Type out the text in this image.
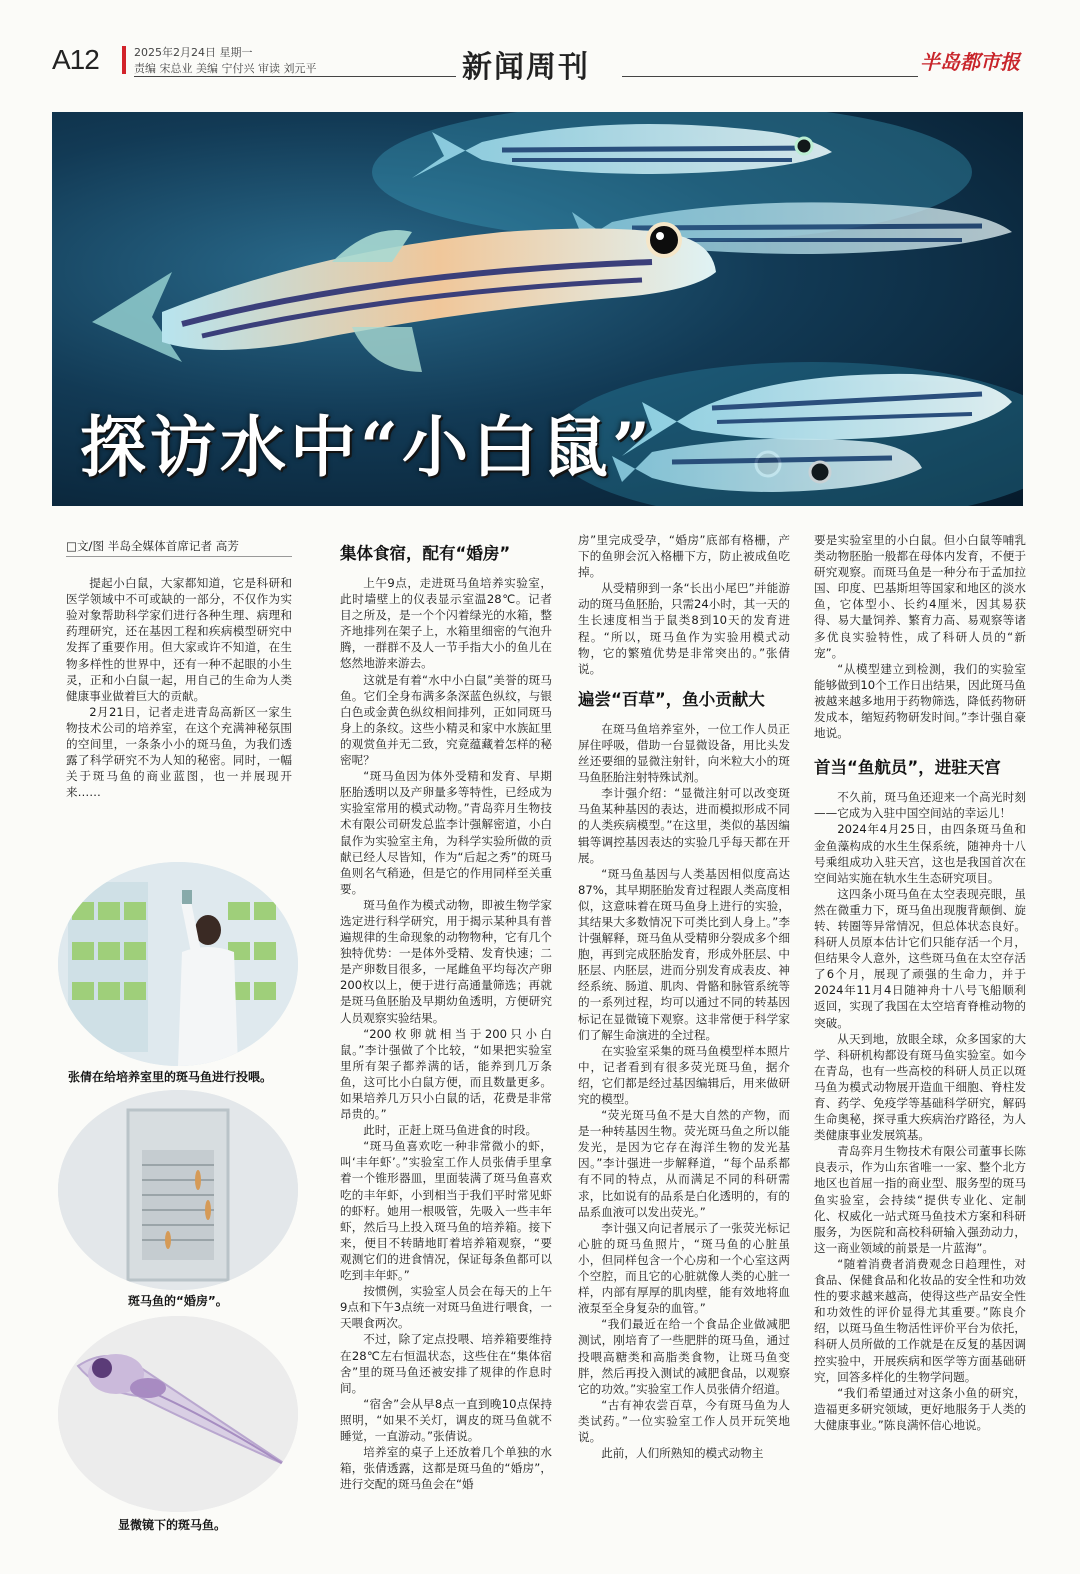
A12	2025年2月24日 星期一
责编 宋总业 美编 宁付兴 审读 刘元平	新闻周刊	半岛都市报
探访水中“小白鼠”

□文/图 半岛全媒体首席记者 高芳

提起小白鼠，大家都知道，它是科研和医学领域中不可或缺的一部分，不仅作为实验对象帮助科学家们进行各种生理、病理和药理研究，还在基因工程和疾病模型研究中发挥了重要作用。但大家或许不知道，在生物多样性的世界中，还有一种不起眼的小生灵，正和小白鼠一起，用自己的生命为人类健康事业做着巨大的贡献。

2月21日，记者走进青岛高新区一家生物技术公司的培养室，在这个充满神秘氛围的空间里，一条条小小的斑马鱼，为我们透露了科学研究不为人知的秘密。同时，一幅关于斑马鱼的商业蓝图，也一并展现开来……

张倩在给培养室里的斑马鱼进行投喂。
斑马鱼的“婚房”。
显微镜下的斑马鱼。
集体食宿，配有“婚房”

上午9点，走进斑马鱼培养实验室，此时墙壁上的仪表显示室温28℃。记者目之所及，是一个个闪着绿光的水箱，整齐地排列在架子上，水箱里细密的气泡升腾，一群群不及人一节手指大小的鱼儿在悠然地游来游去。

这就是有着“水中小白鼠”美誉的斑马鱼。它们全身布满多条深蓝色纵纹，与银白色或金黄色纵纹相间排列，正如同斑马身上的条纹。这些小精灵和家中水族缸里的观赏鱼并无二致，究竟蕴藏着怎样的秘密呢？

“斑马鱼因为体外受精和发育、早期胚胎透明以及产卵量多等特性，已经成为实验室常用的模式动物。”青岛弈月生物技术有限公司研发总监李计强解密道，小白鼠作为实验室主角，为科学实验所做的贡献已经人尽皆知，作为“后起之秀”的斑马鱼则名气稍逊，但是它的作用同样至关重要。

斑马鱼作为模式动物，即被生物学家选定进行科学研究，用于揭示某种具有普遍规律的生命现象的动物物种，它有几个独特优势：一是体外受精、发育快速；二是产卵数目很多，一尾雌鱼平均每次产卵200枚以上，便于进行高通量筛选；再就是斑马鱼胚胎及早期幼鱼透明，方便研究人员观察实验结果。

“200枚卵就相当于200只小白鼠。”李计强做了个比较，“如果把实验室里所有架子都养满的话，能养到几万条鱼，这可比小白鼠方便，而且数量更多。如果培养几万只小白鼠的话，花费是非常昂贵的。”

此时，正赶上斑马鱼进食的时段。

“斑马鱼喜欢吃一种非常微小的虾，叫‘丰年虾’。”实验室工作人员张倩手里拿着一个锥形器皿，里面装满了斑马鱼喜欢吃的丰年虾，小到相当于我们平时常见虾的虾籽。她用一根吸管，先吸入一些丰年虾，然后马上投入斑马鱼的培养箱。接下来，便目不转睛地盯着培养箱观察，“要观测它们的进食情况，保证每条鱼都可以吃到丰年虾。”

按惯例，实验室人员会在每天的上午9点和下午3点统一对斑马鱼进行喂食，一天喂食两次。

不过，除了定点投喂、培养箱要维持在28℃左右恒温状态，这些住在“集体宿舍”里的斑马鱼还被安排了规律的作息时间。

“宿舍”会从早8点一直到晚10点保持照明，“如果不关灯，调皮的斑马鱼就不睡觉，一直游动。”张倩说。

培养室的桌子上还放着几个单独的水箱，张倩透露，这都是斑马鱼的“婚房”，进行交配的斑马鱼会在“婚

房”里完成受孕，“婚房”底部有格栅，产下的鱼卵会沉入格栅下方，防止被成鱼吃掉。

从受精卵到一条“长出小尾巴”并能游动的斑马鱼胚胎，只需24小时，其一天的生长速度相当于鼠类8到10天的发育进程。“所以，斑马鱼作为实验用模式动物，它的繁殖优势是非常突出的。”张倩说。

遍尝“百草”，鱼小贡献大

在斑马鱼培养室外，一位工作人员正屏住呼吸，借助一台显微设备，用比头发丝还要细的显微注射针，向米粒大小的斑马鱼胚胎注射特殊试剂。

李计强介绍：“显微注射可以改变斑马鱼某种基因的表达，进而模拟形成不同的人类疾病模型。”在这里，类似的基因编辑等调控基因表达的实验几乎每天都在开展。

“斑马鱼基因与人类基因相似度高达87%，其早期胚胎发育过程跟人类高度相似，这意味着在斑马鱼身上进行的实验，其结果大多数情况下可类比到人身上。”李计强解释，斑马鱼从受精卵分裂成多个细胞，再到完成胚胎发育，形成外胚层、中胚层、内胚层，进而分别发育成表皮、神经系统、肠道、肌肉、骨骼和脉管系统等的一系列过程，均可以通过不同的转基因标记在显微镜下观察。这非常便于科学家们了解生命演进的全过程。

在实验室采集的斑马鱼模型样本照片中，记者看到有很多荧光斑马鱼，据介绍，它们都是经过基因编辑后，用来做研究的模型。

“荧光斑马鱼不是大自然的产物，而是一种转基因生物。荧光斑马鱼之所以能发光，是因为它存在海洋生物的发光基因。”李计强进一步解释道，“每个品系都有不同的特点，从而满足不同的科研需求，比如说有的品系是白化透明的，有的品系血液可以发出荧光。”

李计强又向记者展示了一张荧光标记心脏的斑马鱼照片，“斑马鱼的心脏虽小，但同样包含一个心房和一个心室这两个空腔，而且它的心脏就像人类的心脏一样，内部有厚厚的肌肉壁，能有效地将血液泵至全身复杂的血管。”

“我们最近在给一个食品企业做减肥测试，刚培育了一些肥胖的斑马鱼，通过投喂高糖类和高脂类食物，让斑马鱼变胖，然后再投入测试的减肥食品，以观察它的功效。”实验室工作人员张倩介绍道。

“古有神农尝百草，今有斑马鱼为人类试药。”一位实验室工作人员开玩笑地说。

此前，人们所熟知的模式动物主

要是实验室里的小白鼠。但小白鼠等哺乳类动物胚胎一般都在母体内发育，不便于研究观察。而斑马鱼是一种分布于孟加拉国、印度、巴基斯坦等国家和地区的淡水鱼，它体型小、长约4厘米，因其易获得、易大量饲养、繁育力高、易观察等诸多优良实验特性，成了科研人员的“新宠”。

“从模型建立到检测，我们的实验室能够做到10个工作日出结果，因此斑马鱼被越来越多地用于药物筛选，降低药物研发成本，缩短药物研发时间。”李计强自豪地说。

首当“鱼航员”，进驻天宫

不久前，斑马鱼还迎来一个高光时刻——它成为入驻中国空间站的幸运儿！

2024年4月25日，由四条斑马鱼和金鱼藻构成的水生生保系统，随神舟十八号乘组成功入驻天宫，这也是我国首次在空间站实施在轨水生生态研究项目。

这四条小斑马鱼在太空表现亮眼，虽然在微重力下，斑马鱼出现腹背颠倒、旋转、转圈等异常情况，但总体状态良好。科研人员原本估计它们只能存活一个月，但结果令人意外，这些斑马鱼在太空存活了6个月，展现了顽强的生命力，并于2024年11月4日随神舟十八号飞船顺利返回，实现了我国在太空培育脊椎动物的突破。

从天到地，放眼全球，众多国家的大学、科研机构都设有斑马鱼实验室。如今在青岛，也有一些高校的科研人员正以斑马鱼为模式动物展开造血干细胞、脊柱发育、药学、免疫学等基础科学研究，解码生命奥秘，探寻重大疾病治疗路径，为人类健康事业发展筑基。

青岛弈月生物技术有限公司董事长陈良表示，作为山东省唯一一家、整个北方地区也首屈一指的商业型、服务型的斑马鱼实验室，会持续“提供专业化、定制化、权威化一站式斑马鱼技术方案和科研服务，为医院和高校科研输入强劲动力，这一商业领域的前景是一片蓝海”。

“随着消费者消费观念日趋理性，对食品、保健食品和化妆品的安全性和功效性的要求越来越高，使得这些产品安全性和功效性的评价显得尤其重要。”陈良介绍，以斑马鱼生物活性评价平台为依托，科研人员所做的工作就是在反复的基因调控实验中，开展疾病和医学等方面基础研究，回答多样化的生物学问题。

“我们希望通过对这条小鱼的研究，造福更多研究领域，更好地服务于人类的大健康事业。”陈良满怀信心地说。
